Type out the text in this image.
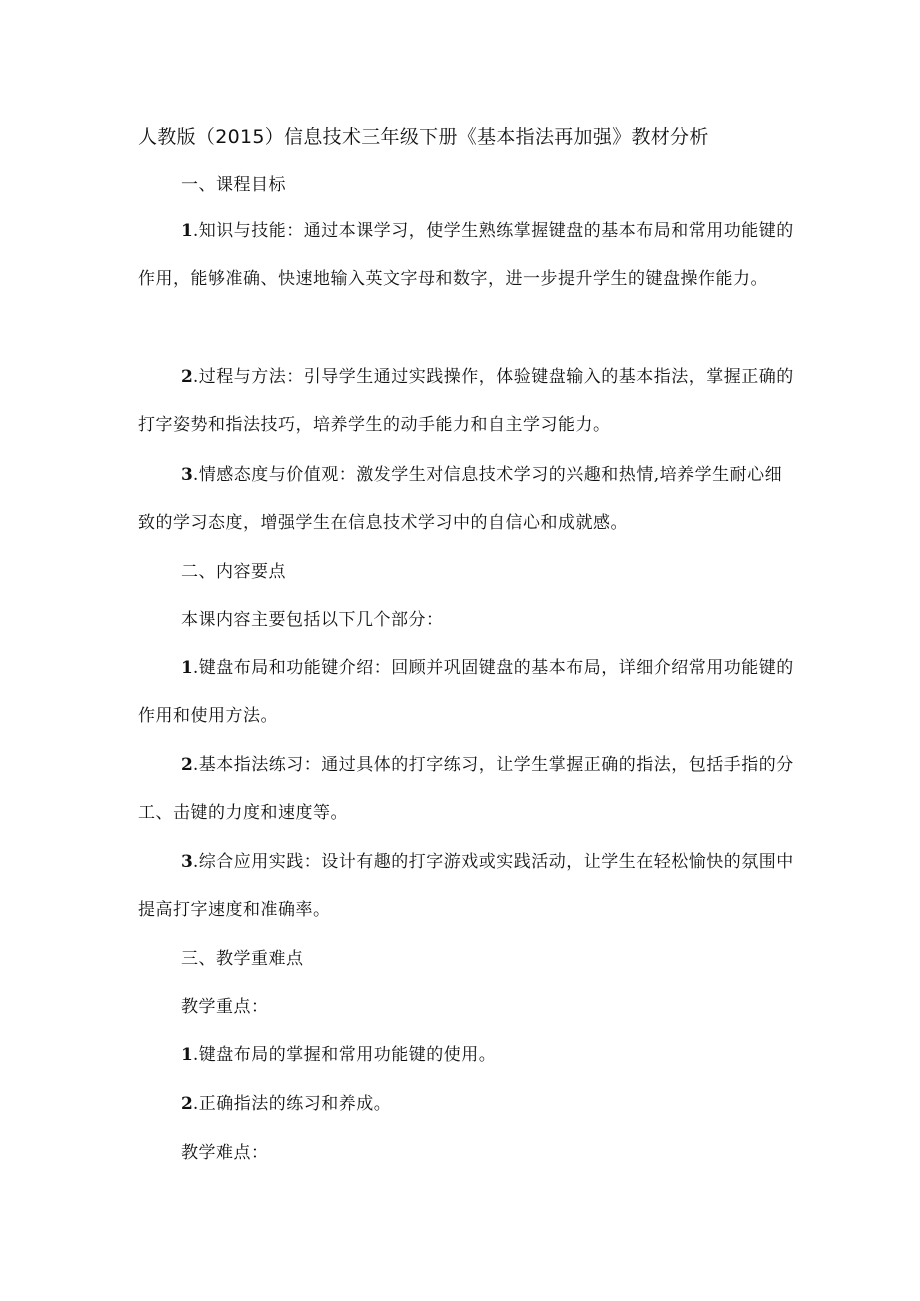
人教版（2015）信息技术三年级下册《基本指法再加强》教材分析
一、课程目标
1.知识与技能：通过本课学习，使学生熟练掌握键盘的基本布局和常用功能键的作用，能够准确、快速地输入英文字母和数字，进一步提升学生的键盘操作能力。
2.过程与方法：引导学生通过实践操作，体验键盘输入的基本指法，掌握正确的打字姿势和指法技巧，培养学生的动手能力和自主学习能力。
3.情感态度与价值观：激发学生对信息技术学习的兴趣和热情,培养学生耐心细致的学习态度，增强学生在信息技术学习中的自信心和成就感。
二、内容要点
本课内容主要包括以下几个部分：
1.键盘布局和功能键介绍：回顾并巩固键盘的基本布局，详细介绍常用功能键的作用和使用方法。
2.基本指法练习：通过具体的打字练习，让学生掌握正确的指法，包括手指的分工、击键的力度和速度等。
3.综合应用实践：设计有趣的打字游戏或实践活动，让学生在轻松愉快的氛围中提高打字速度和准确率。
三、教学重难点
教学重点：
1.键盘布局的掌握和常用功能键的使用。
2.正确指法的练习和养成。
教学难点：
